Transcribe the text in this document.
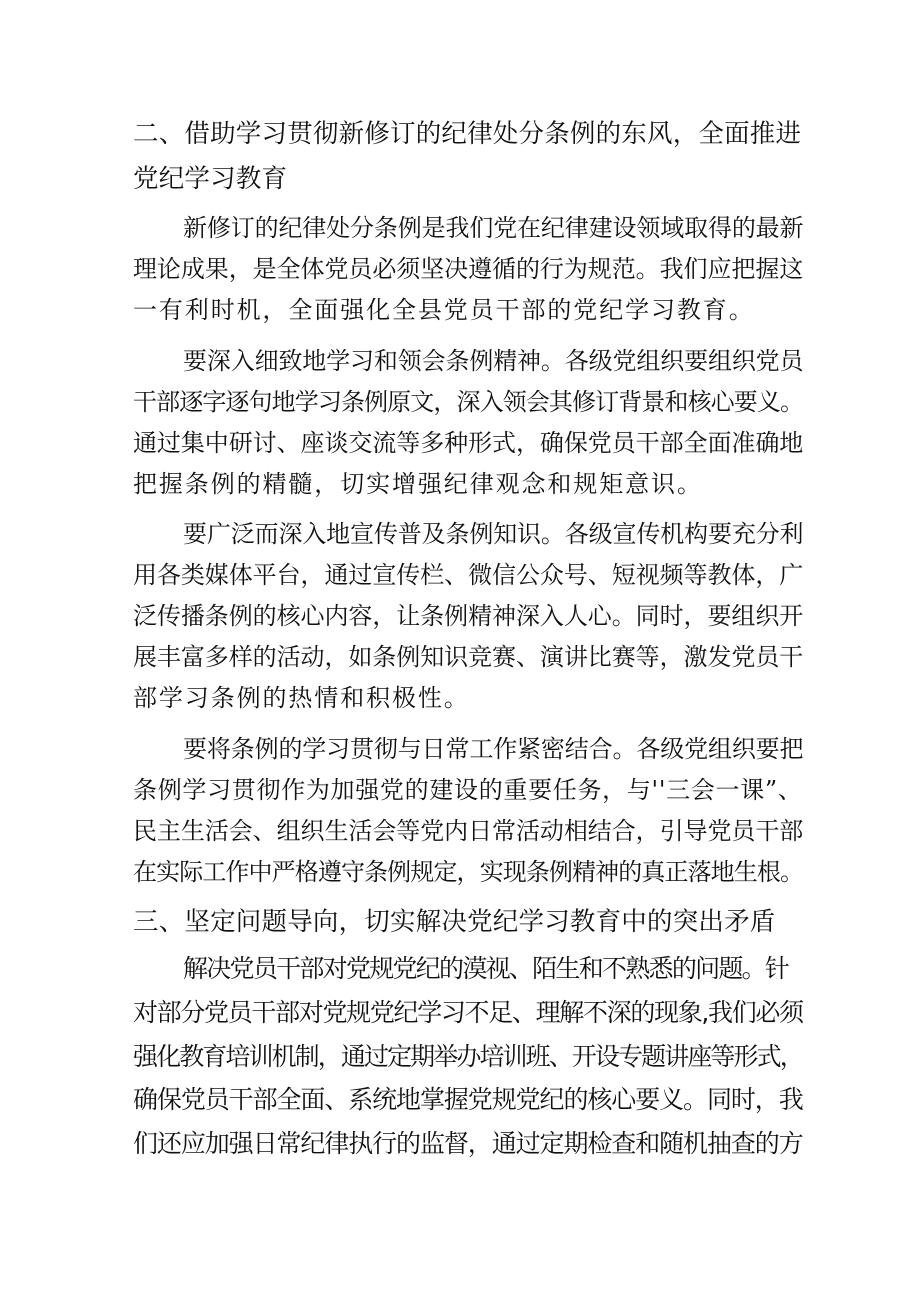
二、借助学习贯彻新修订的纪律处分条例的东风，全面推进
党纪学习教育
新修订的纪律处分条例是我们党在纪律建设领域取得的最新
理论成果，是全体党员必须坚决遵循的行为规范。我们应把握这
一有利时机，全面强化全县党员干部的党纪学习教育。
要深入细致地学习和领会条例精神。各级党组织要组织党员
干部逐字逐句地学习条例原文，深入领会其修订背景和核心要义。
通过集中研讨、座谈交流等多种形式，确保党员干部全面准确地
把握条例的精髓，切实增强纪律观念和规矩意识。
要广泛而深入地宣传普及条例知识。各级宣传机构要充分利
用各类媒体平台，通过宣传栏、微信公众号、短视频等教体，广
泛传播条例的核心内容，让条例精神深入人心。同时，要组织开
展丰富多样的活动，如条例知识竞赛、演讲比赛等，激发党员干
部学习条例的热情和积极性。
要将条例的学习贯彻与日常工作紧密结合。各级党组织要把
条例学习贯彻作为加强党的建设的重要任务，与''三会一课”、
民主生活会、组织生活会等党内日常活动相结合，引导党员干部
在实际工作中严格遵守条例规定，实现条例精神的真正落地生根。
三、坚定问题导向，切实解决党纪学习教育中的突出矛盾
解决党员干部对党规党纪的漠视、陌生和不熟悉的问题。针
对部分党员干部对党规党纪学习不足、理解不深的现象,我们必须
强化教育培训机制，通过定期举办培训班、开设专题讲座等形式，
确保党员干部全面、系统地掌握党规党纪的核心要义。同时，我
们还应加强日常纪律执行的监督，通过定期检查和随机抽查的方
